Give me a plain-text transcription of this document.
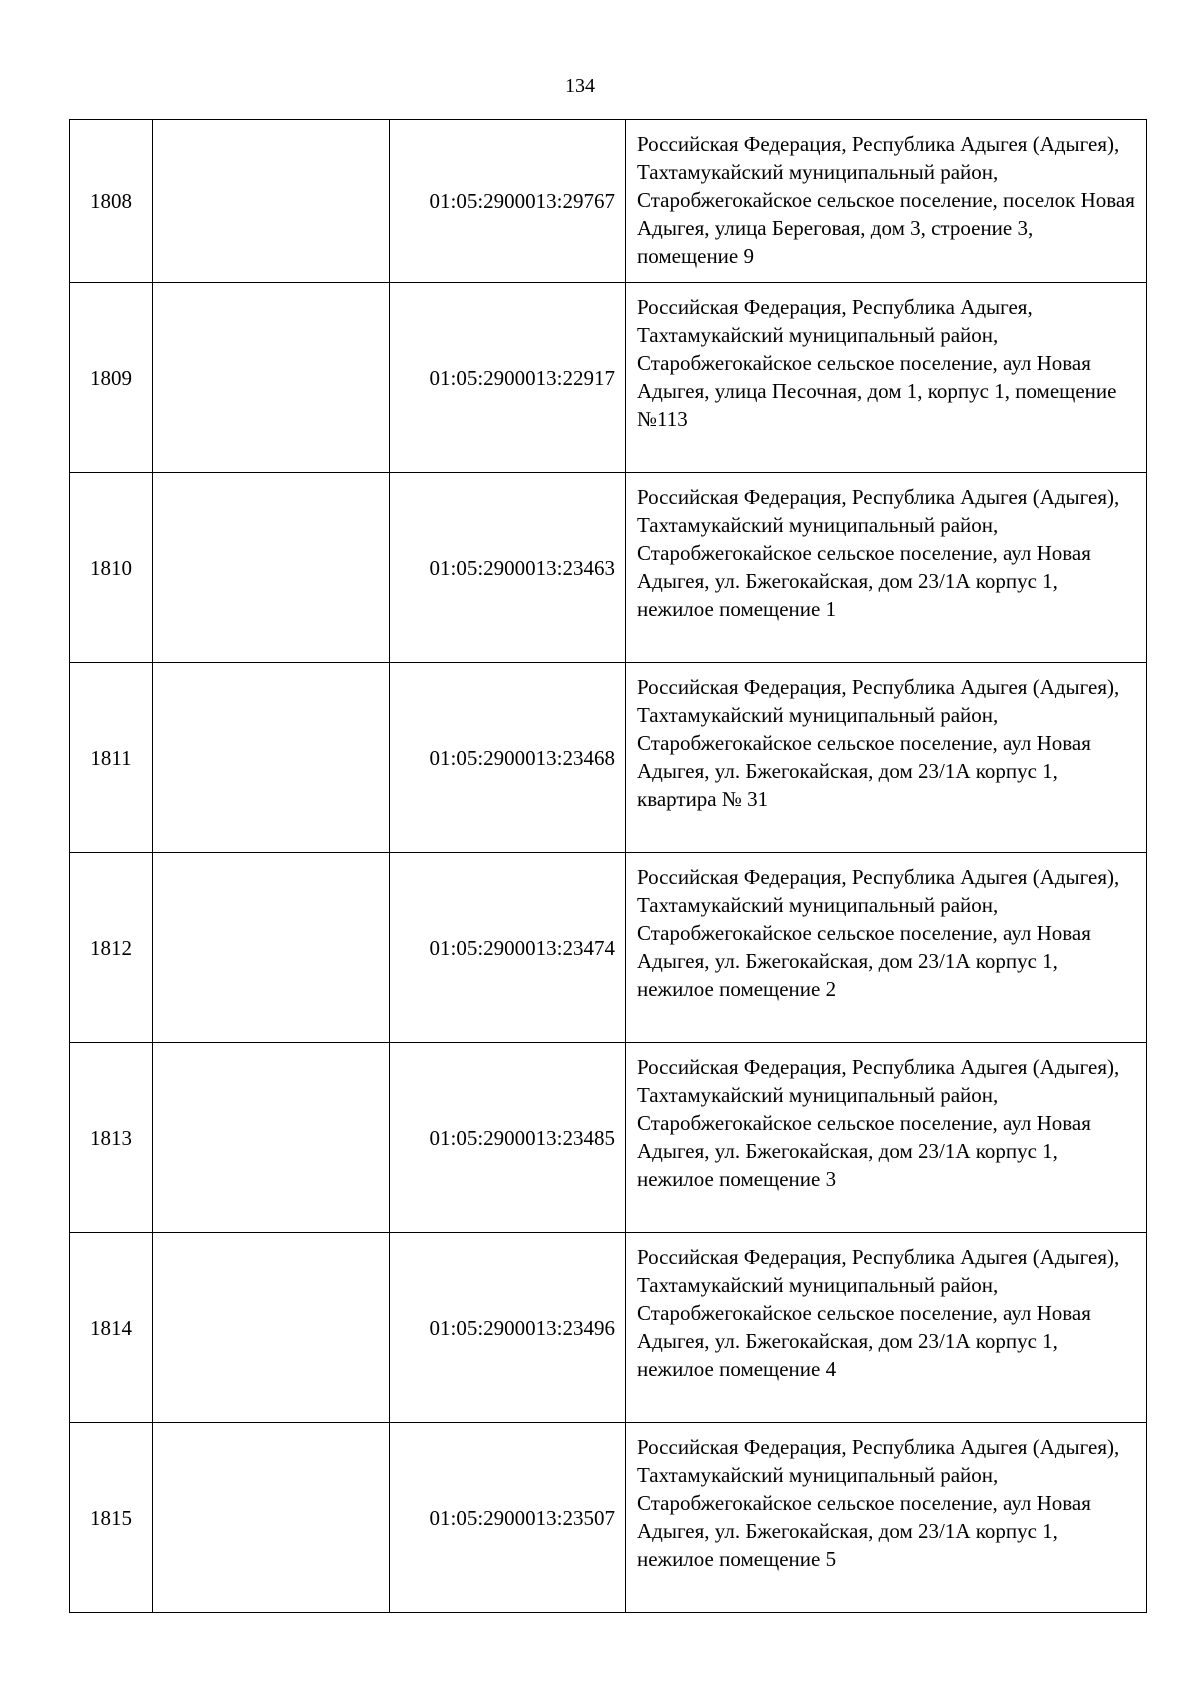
134
1808		01:05:2900013:29767	Российская Федерация, Республика Адыгея (Адыгея), Тахтамукайский муниципальный район, Старобжегокайское сельское поселение, поселок Новая Адыгея, улица Береговая, дом 3, строение 3, помещение 9
1809		01:05:2900013:22917	Российская Федерация, Республика Адыгея, Тахтамукайский муниципальный район, Старобжегокайское сельское поселение, аул Новая Адыгея, улица Песочная, дом 1, корпус 1, помещение №113
1810		01:05:2900013:23463	Российская Федерация, Республика Адыгея (Адыгея), Тахтамукайский муниципальный район, Старобжегокайское сельское поселение, аул Новая Адыгея, ул. Бжегокайская, дом 23/1А корпус 1, нежилое помещение 1
1811		01:05:2900013:23468	Российская Федерация, Республика Адыгея (Адыгея), Тахтамукайский муниципальный район, Старобжегокайское сельское поселение, аул Новая Адыгея, ул. Бжегокайская, дом 23/1А корпус 1, квартира № 31
1812		01:05:2900013:23474	Российская Федерация, Республика Адыгея (Адыгея), Тахтамукайский муниципальный район, Старобжегокайское сельское поселение, аул Новая Адыгея, ул. Бжегокайская, дом 23/1А корпус 1, нежилое помещение 2
1813		01:05:2900013:23485	Российская Федерация, Республика Адыгея (Адыгея), Тахтамукайский муниципальный район, Старобжегокайское сельское поселение, аул Новая Адыгея, ул. Бжегокайская, дом 23/1А корпус 1, нежилое помещение 3
1814		01:05:2900013:23496	Российская Федерация, Республика Адыгея (Адыгея), Тахтамукайский муниципальный район, Старобжегокайское сельское поселение, аул Новая Адыгея, ул. Бжегокайская, дом 23/1А корпус 1, нежилое помещение 4
1815		01:05:2900013:23507	Российская Федерация, Республика Адыгея (Адыгея), Тахтамукайский муниципальный район, Старобжегокайское сельское поселение, аул Новая Адыгея, ул. Бжегокайская, дом 23/1А корпус 1, нежилое помещение 5
